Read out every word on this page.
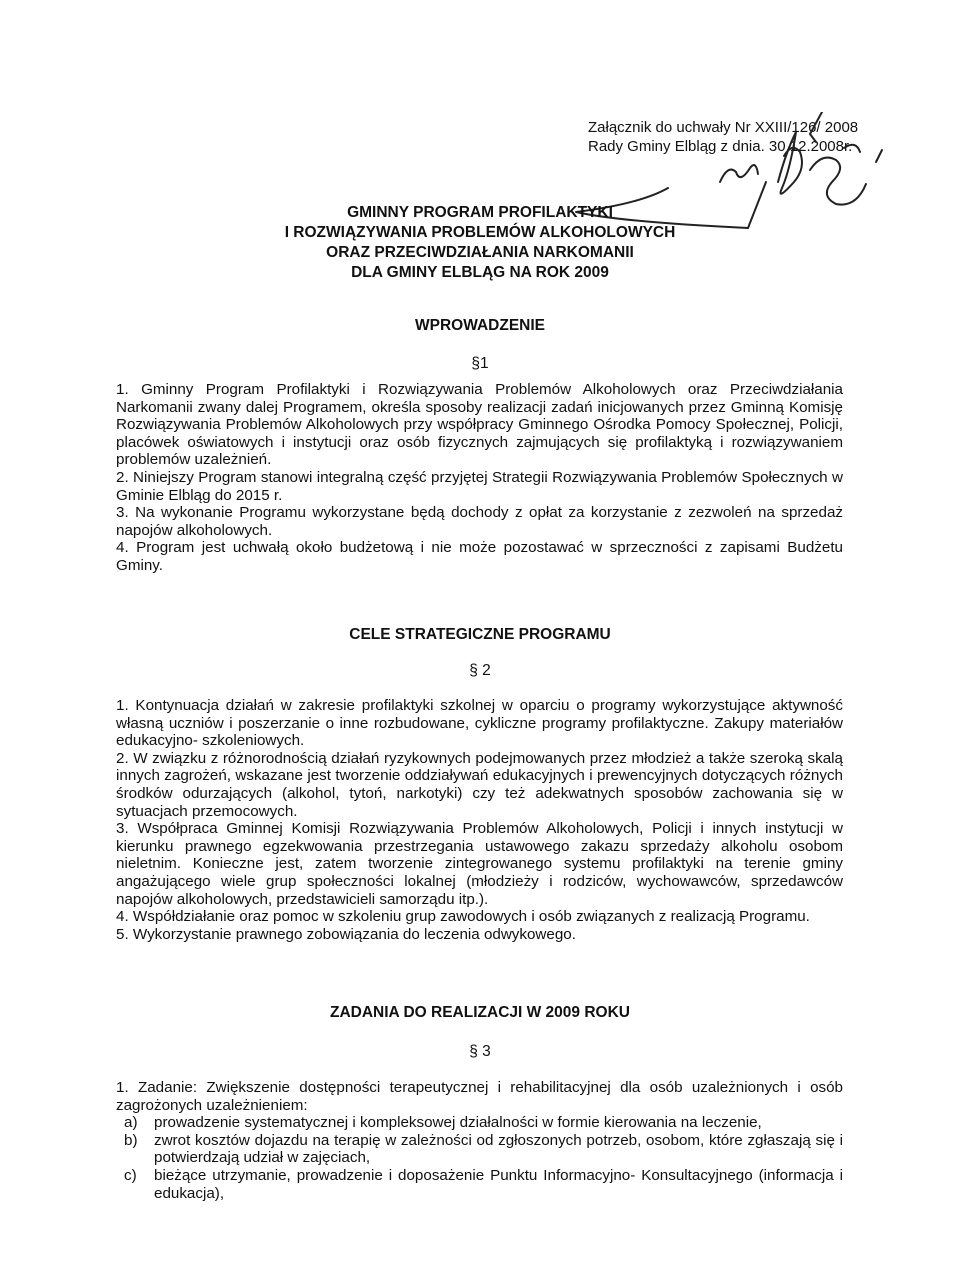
Załącznik do uchwały Nr XXIII/126/ 2008
Rady Gminy Elbląg z dnia. 30.12.2008r.
GMINNY PROGRAM PROFILAKTYKI
I ROZWIĄZYWANIA PROBLEMÓW ALKOHOLOWYCH
ORAZ PRZECIWDZIAŁANIA NARKOMANII
DLA GMINY ELBLĄG NA ROK 2009
WPROWADZENIE
§1

1. Gminny Program Profilaktyki i Rozwiązywania Problemów Alkoholowych oraz Przeciwdziałania Narkomanii zwany dalej Programem, określa sposoby realizacji zadań inicjowanych przez Gminną Komisję Rozwiązywania Problemów Alkoholowych przy współpracy Gminnego Ośrodka Pomocy Społecznej, Policji, placówek oświatowych i instytucji oraz osób fizycznych zajmujących się profilaktyką i rozwiązywaniem problemów uzależnień.

2. Niniejszy Program stanowi integralną część przyjętej Strategii Rozwiązywania Problemów Społecznych w Gminie Elbląg do 2015 r.

3. Na wykonanie Programu wykorzystane będą dochody z opłat za korzystanie z zezwoleń na sprzedaż napojów alkoholowych.

4. Program jest uchwałą około budżetową i nie może pozostawać w sprzeczności z zapisami Budżetu Gminy.

CELE STRATEGICZNE PROGRAMU
§ 2

1. Kontynuacja działań w zakresie profilaktyki szkolnej w oparciu o programy wykorzystujące aktywność własną uczniów i poszerzanie o inne rozbudowane, cykliczne programy profilaktyczne. Zakupy materiałów edukacyjno- szkoleniowych.

2. W związku z różnorodnością działań ryzykownych podejmowanych przez młodzież a także szeroką skalą innych zagrożeń, wskazane jest tworzenie oddziaływań edukacyjnych i prewencyjnych dotyczących różnych środków odurzających (alkohol, tytoń, narkotyki) czy też adekwatnych sposobów zachowania się w sytuacjach przemocowych.

3. Współpraca Gminnej Komisji Rozwiązywania Problemów Alkoholowych, Policji i innych instytucji w kierunku prawnego egzekwowania przestrzegania ustawowego zakazu sprzedaży alkoholu osobom nieletnim. Konieczne jest, zatem tworzenie zintegrowanego systemu profilaktyki na terenie gminy angażującego wiele grup społeczności lokalnej (młodzieży i rodziców, wychowawców, sprzedawców napojów alkoholowych, przedstawicieli samorządu itp.).

4. Współdziałanie oraz pomoc w szkoleniu grup zawodowych i osób związanych z realizacją Programu.

5. Wykorzystanie prawnego zobowiązania do leczenia odwykowego.

ZADANIA DO REALIZACJI W 2009 ROKU
§ 3

1. Zadanie: Zwiększenie dostępności terapeutycznej i rehabilitacyjnej dla osób uzależnionych i osób zagrożonych uzależnieniem:

a) prowadzenie systematycznej i kompleksowej działalności w formie kierowania na leczenie,
b) zwrot kosztów dojazdu na terapię w zależności od zgłoszonych potrzeb, osobom, które zgłaszają się i potwierdzają udział w zajęciach,
c) bieżące utrzymanie, prowadzenie i doposażenie Punktu Informacyjno- Konsultacyjnego (informacja i edukacja),
